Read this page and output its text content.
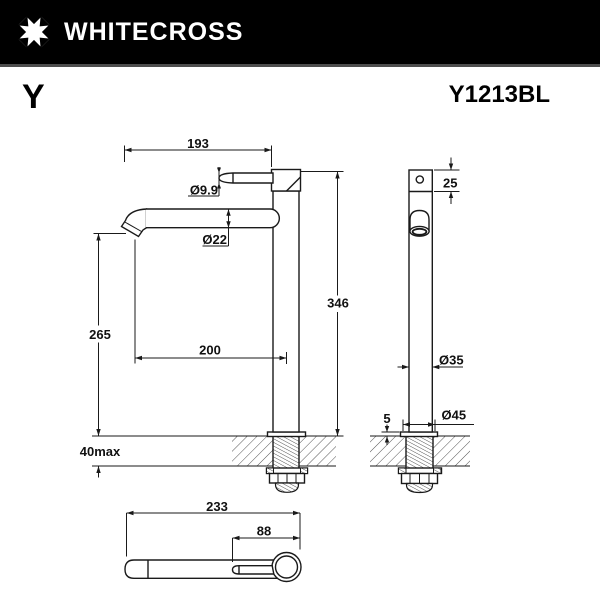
WHITECROSS
Y	Y1213BL
193
Ø9.9
Ø22
200
265
346
40max
25
Ø35
Ø45
5
233
88
